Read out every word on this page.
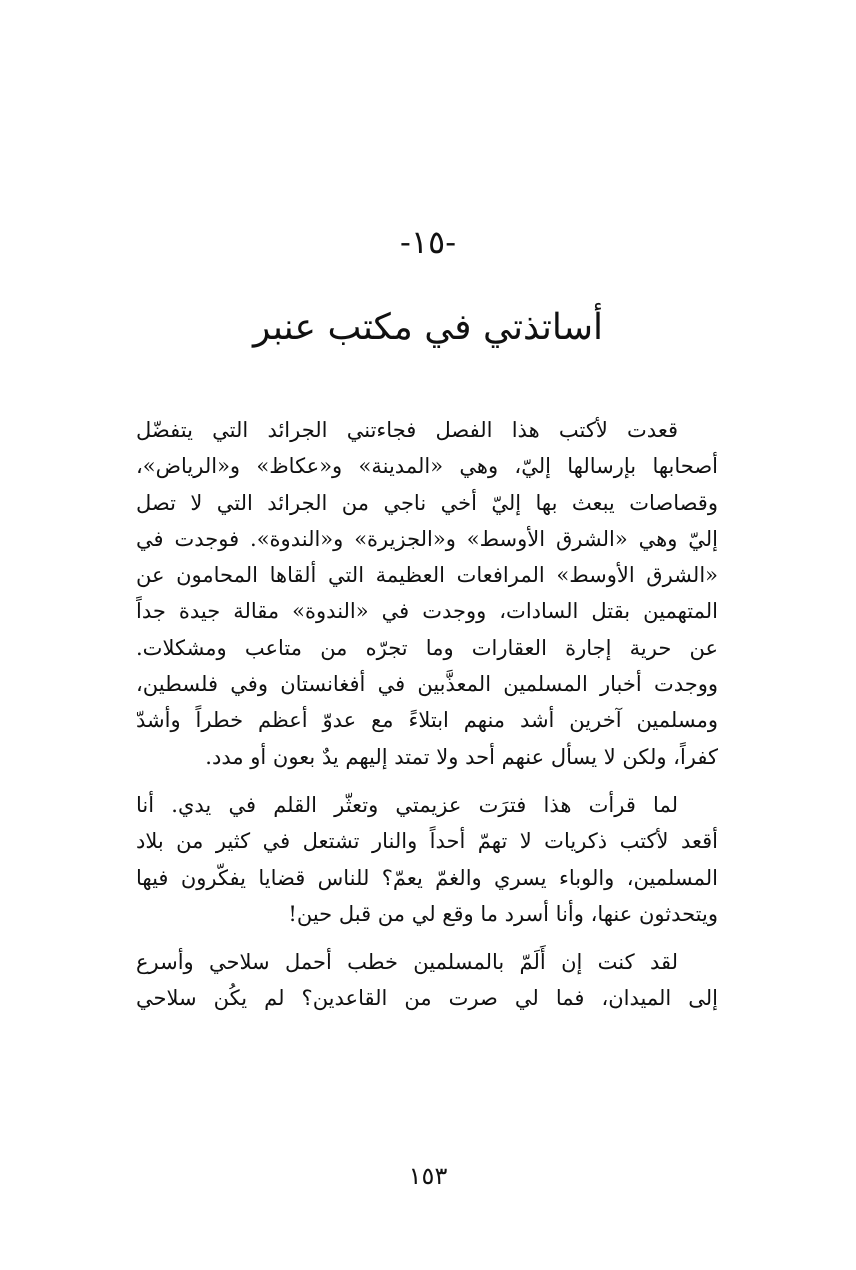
-١٥-
أساتذتي في مكتب عنبر
قعدت لأكتب هذا الفصل فجاءتني الجرائد التي يتفضّل
أصحابها بإرسالها إليّ، وهي «المدينة» و«عكاظ» و«الرياض»،
وقصاصات يبعث بها إليّ أخي ناجي من الجرائد التي لا تصل
إليّ وهي «الشرق الأوسط» و«الجزيرة» و«الندوة». فوجدت في
«الشرق الأوسط» المرافعات العظيمة التي ألقاها المحامون عن
المتهمين بقتل السادات، ووجدت في «الندوة» مقالة جيدة جداً
عن حرية إجارة العقارات وما تجرّه من متاعب ومشكلات.
ووجدت أخبار المسلمين المعذَّبين في أفغانستان وفي فلسطين،
ومسلمين آخرين أشد منهم ابتلاءً مع عدوّ أعظم خطراً وأشدّ
كفراً، ولكن لا يسأل عنهم أحد ولا تمتد إليهم يدٌ بعون أو مدد.
لما قرأت هذا فترَت عزيمتي وتعثّر القلم في يدي. أنا
أقعد لأكتب ذكريات لا تهمّ أحداً والنار تشتعل في كثير من بلاد
المسلمين، والوباء يسري والغمّ يعمّ؟ للناس قضايا يفكّرون فيها
ويتحدثون عنها، وأنا أسرد ما وقع لي من قبل حين!
لقد كنت إن أَلَمّ بالمسلمين خطب أحمل سلاحي وأسرع
إلى الميدان، فما لي صرت من القاعدين؟ لم يكُن سلاحي
١٥٣
